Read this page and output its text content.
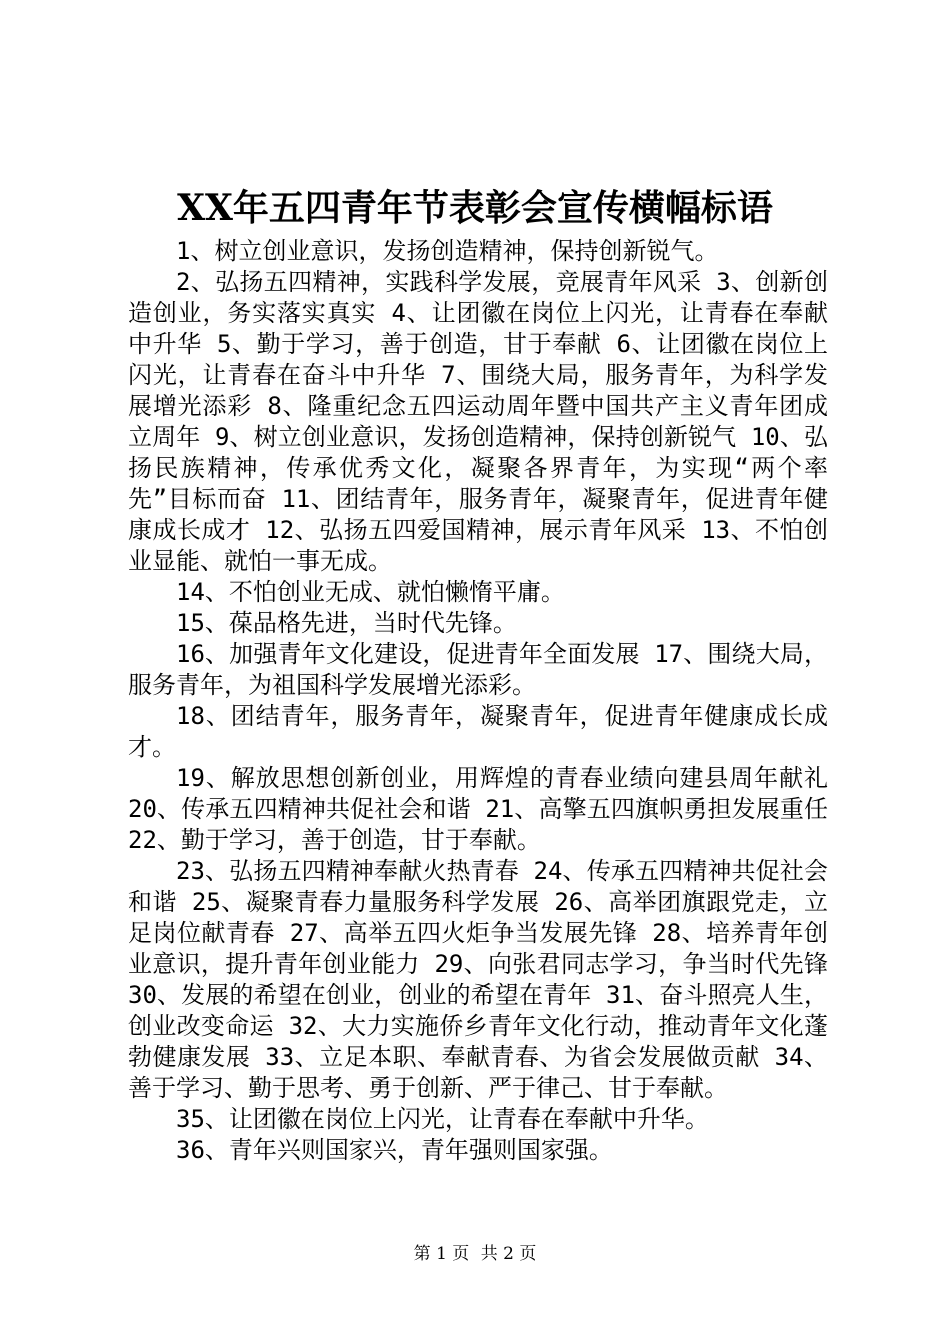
XX年五四青年节表彰会宣传横幅标语

1、树立创业意识，发扬创造精神，保持创新锐气。

2、弘扬五四精神，实践科学发展，竞展青年风采 3、创新创造创业，务实落实真实 4、让团徽在岗位上闪光，让青春在奉献中升华 5、勤于学习，善于创造，甘于奉献 6、让团徽在岗位上闪光，让青春在奋斗中升华 7、围绕大局，服务青年，为科学发展增光添彩 8、隆重纪念五四运动周年暨中国共产主义青年团成立周年 9、树立创业意识，发扬创造精神，保持创新锐气 10、弘扬民族精神，传承优秀文化，凝聚各界青年，为实现“两个率先”目标而奋 11、团结青年，服务青年，凝聚青年，促进青年健康成长成才 12、弘扬五四爱国精神，展示青年风采 13、不怕创业显能、就怕一事无成。

14、不怕创业无成、就怕懒惰平庸。

15、葆品格先进，当时代先锋。

16、加强青年文化建设，促进青年全面发展 17、围绕大局，服务青年，为祖国科学发展增光添彩。

18、团结青年，服务青年，凝聚青年，促进青年健康成长成才。

19、解放思想创新创业，用辉煌的青春业绩向建县周年献礼 20、传承五四精神共促社会和谐 21、高擎五四旗帜勇担发展重任 22、勤于学习，善于创造，甘于奉献。

23、弘扬五四精神奉献火热青春 24、传承五四精神共促社会和谐 25、凝聚青春力量服务科学发展 26、高举团旗跟党走，立足岗位献青春 27、高举五四火炬争当发展先锋 28、培养青年创业意识，提升青年创业能力 29、向张君同志学习，争当时代先锋 30、发展的希望在创业，创业的希望在青年 31、奋斗照亮人生，创业改变命运 32、大力实施侨乡青年文化行动，推动青年文化蓬勃健康发展 33、立足本职、奉献青春、为省会发展做贡献 34、善于学习、勤于思考、勇于创新、严于律己、甘于奉献。

35、让团徽在岗位上闪光，让青春在奉献中升华。

36、青年兴则国家兴，青年强则国家强。

第 1 页 共 2 页
